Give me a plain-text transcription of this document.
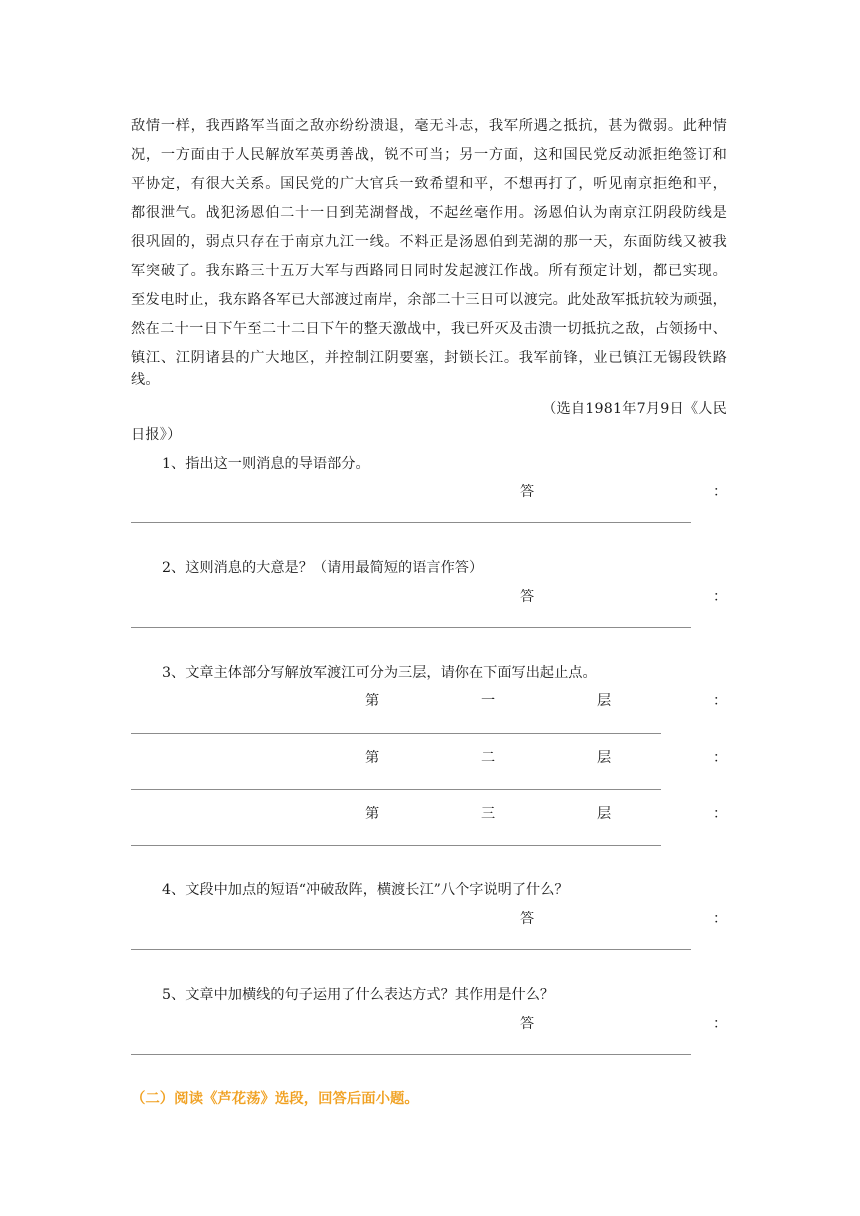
敌情一样，我西路军当面之敌亦纷纷溃退，毫无斗志，我军所遇之抵抗，甚为微弱。此种情
况，一方面由于人民解放军英勇善战，锐不可当；另一方面，这和国民党反动派拒绝签订和
平协定，有很大关系。国民党的广大官兵一致希望和平，不想再打了，听见南京拒绝和平，
都很泄气。战犯汤恩伯二十一日到芜湖督战，不起丝毫作用。汤恩伯认为南京江阴段防线是
很巩固的，弱点只存在于南京九江一线。不料正是汤恩伯到芜湖的那一天，东面防线又被我
军突破了。我东路三十五万大军与西路同日同时发起渡江作战。所有预定计划，都已实现。
至发电时止，我东路各军已大部渡过南岸，余部二十三日可以渡完。此处敌军抵抗较为顽强，
然在二十一日下午至二十二日下午的整天激战中，我已歼灭及击溃一切抵抗之敌，占领扬中、
镇江、江阴诸县的广大地区，并控制江阴要塞，封锁长江。我军前锋，业已镇江无锡段铁路
线。
（选自1981年7月9日《人民
日报》）
1、指出这一则消息的导语部分。
答	：
2、这则消息的大意是？（请用最简短的语言作答）
答	：
3、文章主体部分写解放军渡江可分为三层，请你在下面写出起止点。
第	一	层	：
第	二	层	：
第	三	层	：
4、文段中加点的短语“冲破敌阵，横渡长江”八个字说明了什么？
答	：
5、文章中加横线的句子运用了什么表达方式？其作用是什么？
答	：
（二）阅读《芦花荡》选段，回答后面小题。
